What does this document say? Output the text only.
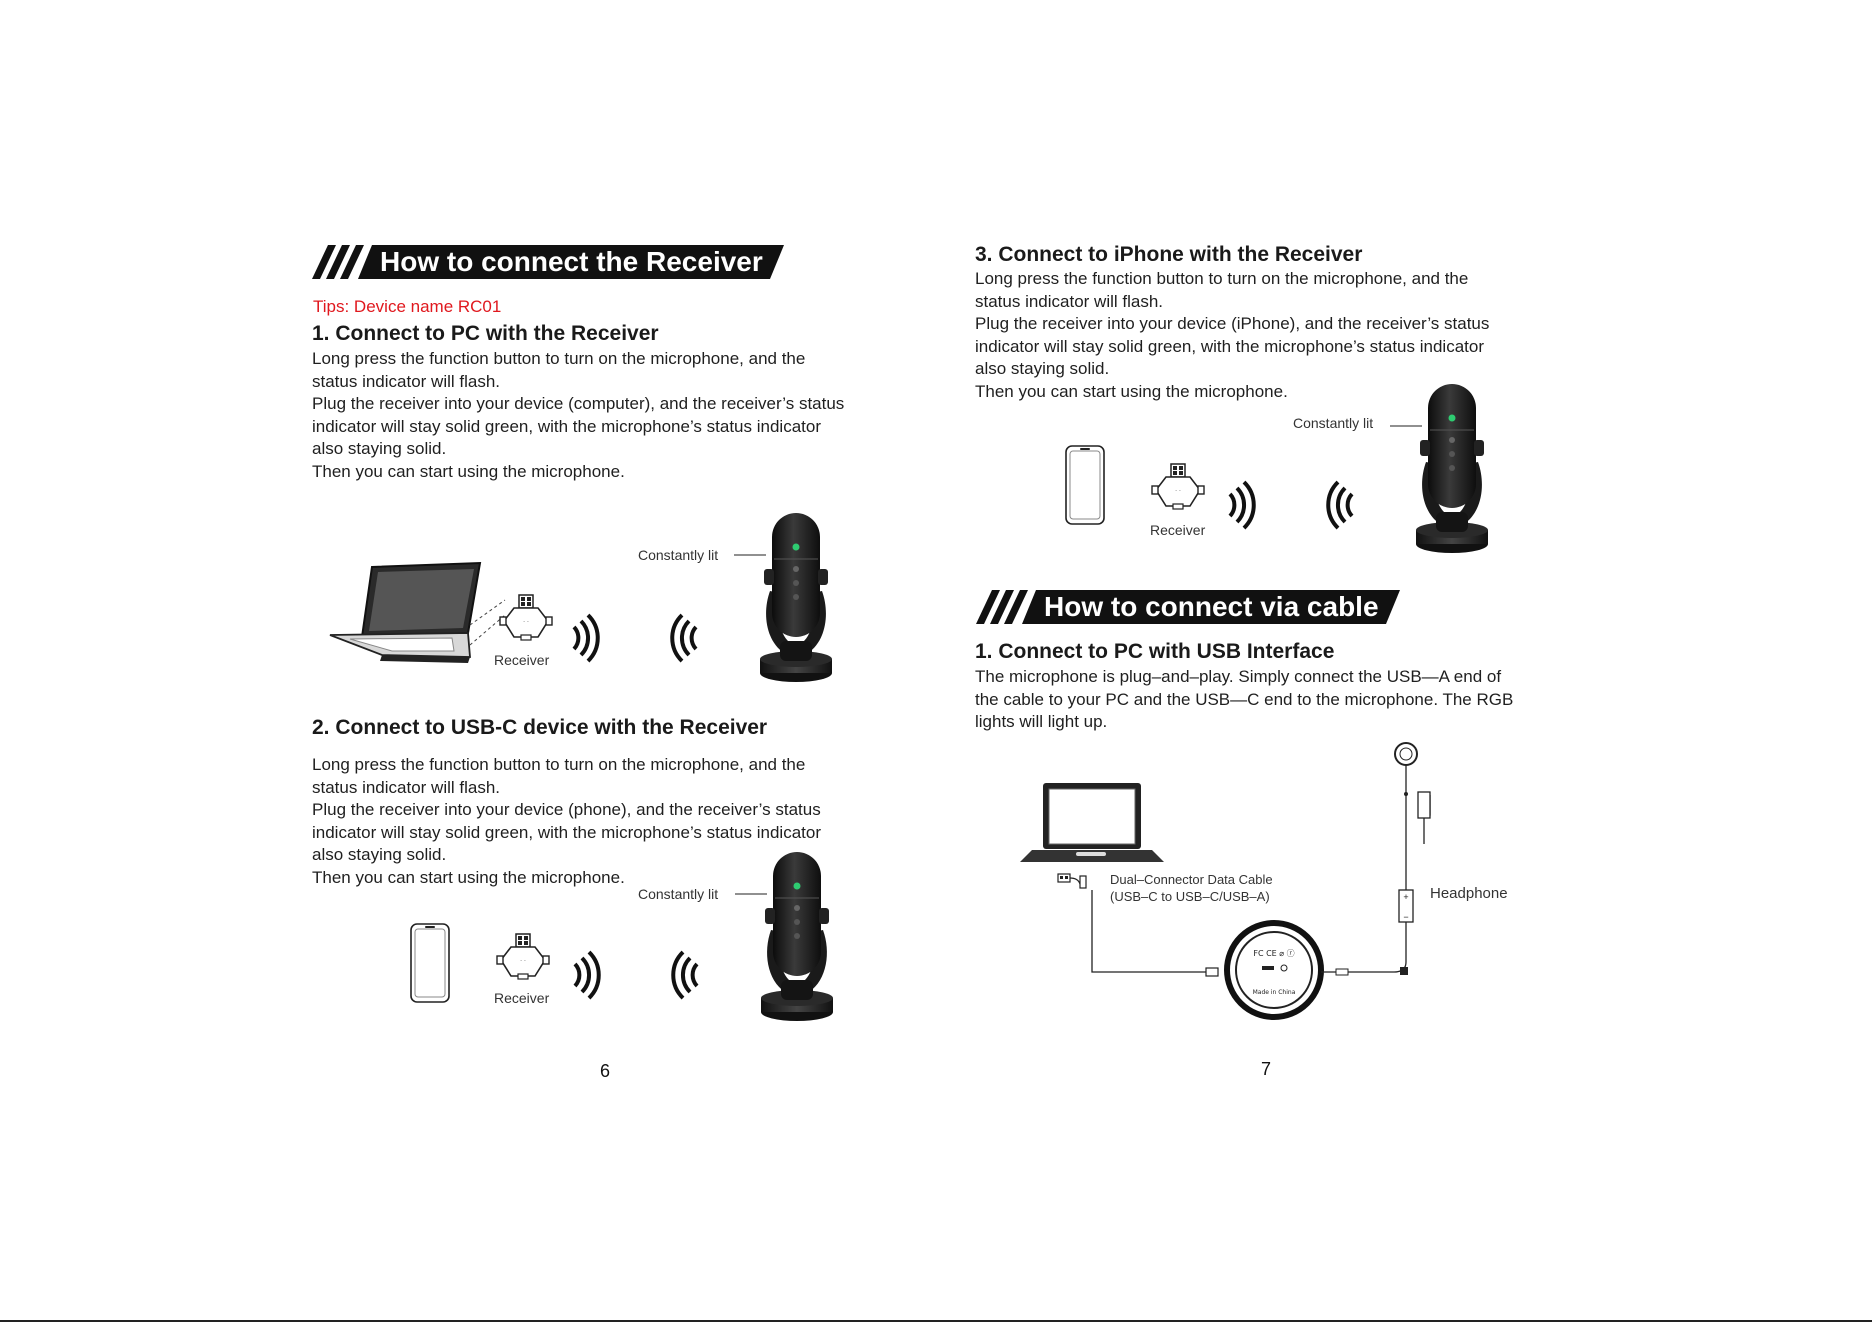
· ·
How to connect the Receiver
Tips: Device name RC01
1. Connect to PC with the Receiver

Long press the function button to turn on the microphone, and the

status indicator will flash.

Plug the receiver into your device (computer), and the receiver’s status

indicator will stay solid green, with the microphone’s status indicator

also staying solid.

Then you can start using the microphone.

Constantly lit
Receiver
2. Connect to USB-C device with the Receiver

Long press the function button to turn on the microphone, and the

status indicator will flash.

Plug the receiver into your device (phone), and the receiver’s status

indicator will stay solid green, with the microphone’s status indicator

also staying solid.

Then you can start using the microphone.

Constantly lit
Receiver
6
3. Connect to iPhone with the Receiver

Long press the function button to turn on the microphone, and the

status indicator will flash.

Plug the receiver into your device (iPhone), and the receiver’s status

indicator will stay solid green, with the microphone’s status indicator

also staying solid.

Then you can start using the microphone.

Constantly lit
Receiver
How to connect via cable
1. Connect to PC with USB Interface

The microphone is plug–and–play. Simply connect the USB—A end of

the cable to your PC and the USB—C end to the microphone. The RGB

lights will light up.

FC CE ⌀ ⓡ
Made in China
+
−
Dual–Connector Data Cable
(USB–C to USB–C/USB–A)	Headphone
7
